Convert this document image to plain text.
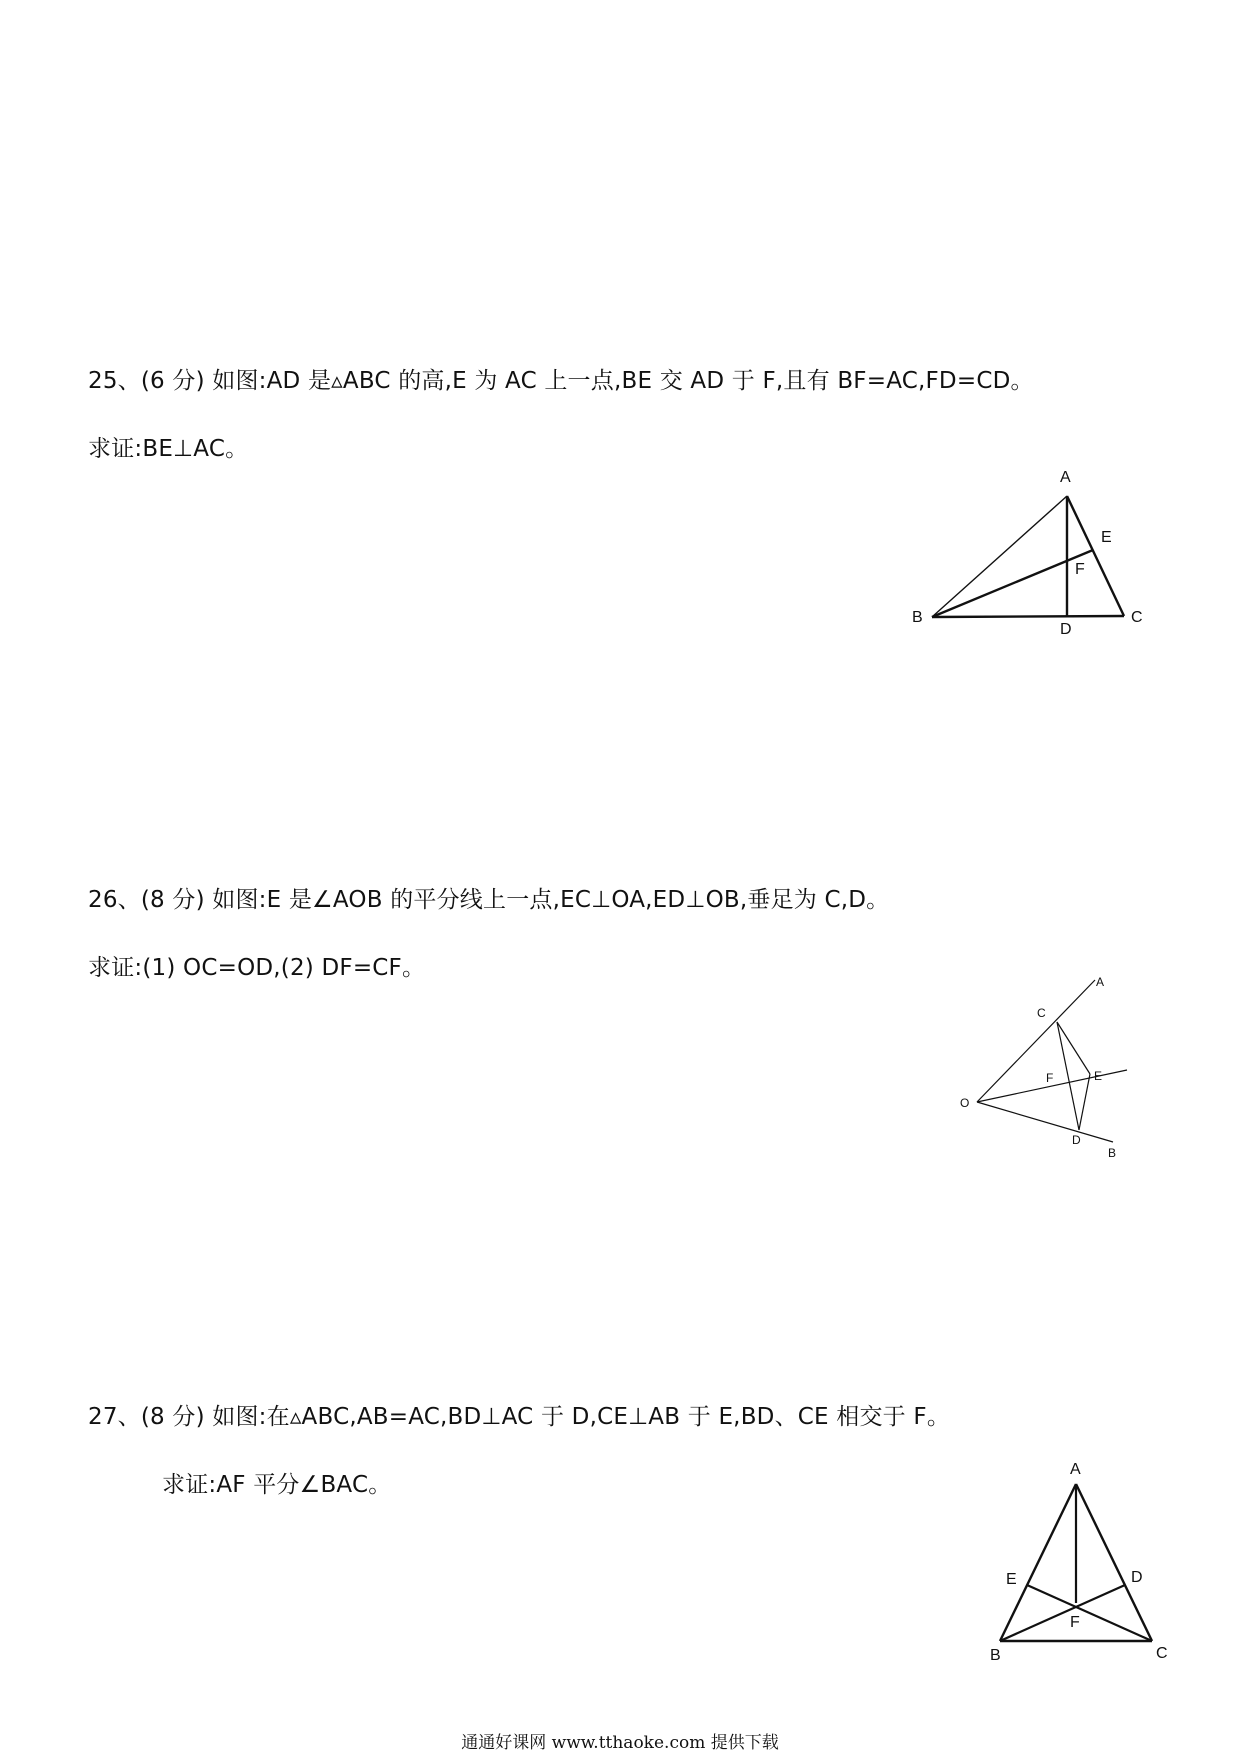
25、(6 分) 如图:AD 是▵ABC 的高,E 为 AC 上一点,BE 交 AD 于 F,且有 BF=AC,FD=CD。
求证:BE⊥AC。
A
E
F
B
D
C
26、(8 分) 如图:E 是∠AOB 的平分线上一点,EC⊥OA,ED⊥OB,垂足为 C,D。
求证:(1) OC=OD,(2) DF=CF。
A
C
F	E
O
D
B
27、(8 分) 如图:在▵ABC,AB=AC,BD⊥AC 于 D,CE⊥AB 于 E,BD、CE 相交于 F。
求证:AF 平分∠BAC。
A
E	D
F
B	C
通通好课网 www.tthaoke.com 提供下载
